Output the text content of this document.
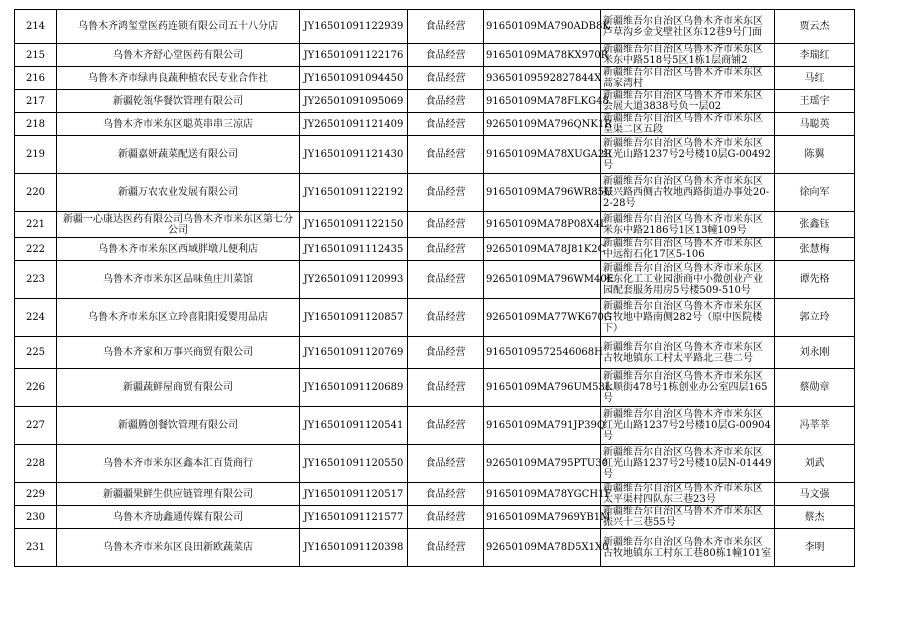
214	乌鲁木齐鸿玺堂医药连锁有限公司五十八分店	JY16501091122939	食品经营	91650109MA790ADB8K	新疆维吾尔自治区乌鲁木齐市米东区芦草沟乡金戈壁社区东12巷9号门面	贾云杰
215	乌鲁木齐舒心堂医药有限公司	JY16501091122176	食品经营	91650109MA78KX970R	新疆维吾尔自治区乌鲁木齐市米东区米东中路518号5区1栋1层商铺2	李瑞红
216	乌鲁木齐市绿冉良蔬种植农民专业合作社	JY16501091094450	食品经营	93650109592827844X	新疆维吾尔自治区乌鲁木齐市米东区蒿家湾村	马红
217	新疆乾瓴华餐饮管理有限公司	JY26501091095069	食品经营	91650109MA78FLKG48	新疆维吾尔自治区乌鲁木齐市米东区会展大道3838号负一层02	王瑶宇
218	乌鲁木齐市米东区聪英串串三凉店	JY26501091121409	食品经营	92650109MA796QNK1R	新疆维吾尔自治区乌鲁木齐市米东区皇渠二区五段	马聪英
219	新疆嘉妍蔬菜配送有限公司	JY16501091121430	食品经营	91650109MA78XUGA2R	新疆维吾尔自治区乌鲁木齐市米东区红光山路1237号2号楼10层G-00492号	陈翼
220	新疆万农农业发展有限公司	JY16501091122192	食品经营	91650109MA796WR85U	新疆维吾尔自治区乌鲁木齐市米东区振兴路西侧古牧地西路街道办事处20-2-28号	徐向军
221	新疆一心康达医药有限公司乌鲁木齐市米东区第七分公司	JY16501091122150	食品经营	91650109MA78P08X4L	新疆维吾尔自治区乌鲁木齐市米东区米东中路2186号1区13幢109号	张鑫钰
222	乌鲁木齐市米东区西域胖墩儿便利店	JY16501091112435	食品经营	92650109MA78J81K2C	新疆维吾尔自治区乌鲁木齐市米东区中远衔石化17区5-106	张慧梅
223	乌鲁木齐市米东区品味鱼庄川菜馆	JY26501091120993	食品经营	92650109MA796WM40E	新疆维吾尔自治区乌鲁木齐市米东区米东化工工业园浙商中小微创业产业园配套服务用房5号楼509-510号	谭先格
224	乌鲁木齐市米东区立玲喜阳阳爱婴用品店	JY16501091120857	食品经营	92650109MA77WK670G	新疆维吾尔自治区乌鲁木齐市米东区古牧地中路南侧282号（原中医院楼下）	郭立玲
225	乌鲁木齐家和万事兴商贸有限公司	JY16501091120769	食品经营	91650109572546068H	新疆维吾尔自治区乌鲁木齐市米东区古牧地镇东工村太平路北三巷二号	刘永刚
226	新疆蔬鲜屋商贸有限公司	JY16501091120689	食品经营	91650109MA796UM53L	新疆维吾尔自治区乌鲁木齐市米东区永顺街478号1栋创业办公室四层165号	蔡勋章
227	新疆腾创餐饮管理有限公司	JY16501091120541	食品经营	91650109MA791JP39Q	新疆维吾尔自治区乌鲁木齐市米东区红光山路1237号2号楼10层G-00904号	冯莘莘
228	乌鲁木齐市米东区鑫本汇百货商行	JY16501091120550	食品经营	92650109MA795PTU30	新疆维吾尔自治区乌鲁木齐市米东区红光山路1237号2号楼10层N-01449号	刘武
229	新疆疆果鲜生供应链管理有限公司	JY16501091120517	食品经营	91650109MA78YGCH1F	新疆维吾尔自治区乌鲁木齐市米东区太平渠村四队东三巷23号	马文强
230	乌鲁木齐劢鑫通传媒有限公司	JY16501091121577	食品经营	91650109MA7969YB1M	新疆维吾尔自治区乌鲁木齐市米东区振兴十三巷55号	蔡杰
231	乌鲁木齐市米东区良田新欧蔬菜店	JY16501091120398	食品经营	92650109MA78D5X1X0	新疆维吾尔自治区乌鲁木齐市米东区古牧地镇东工村东工巷80栋1幢101室	李明
